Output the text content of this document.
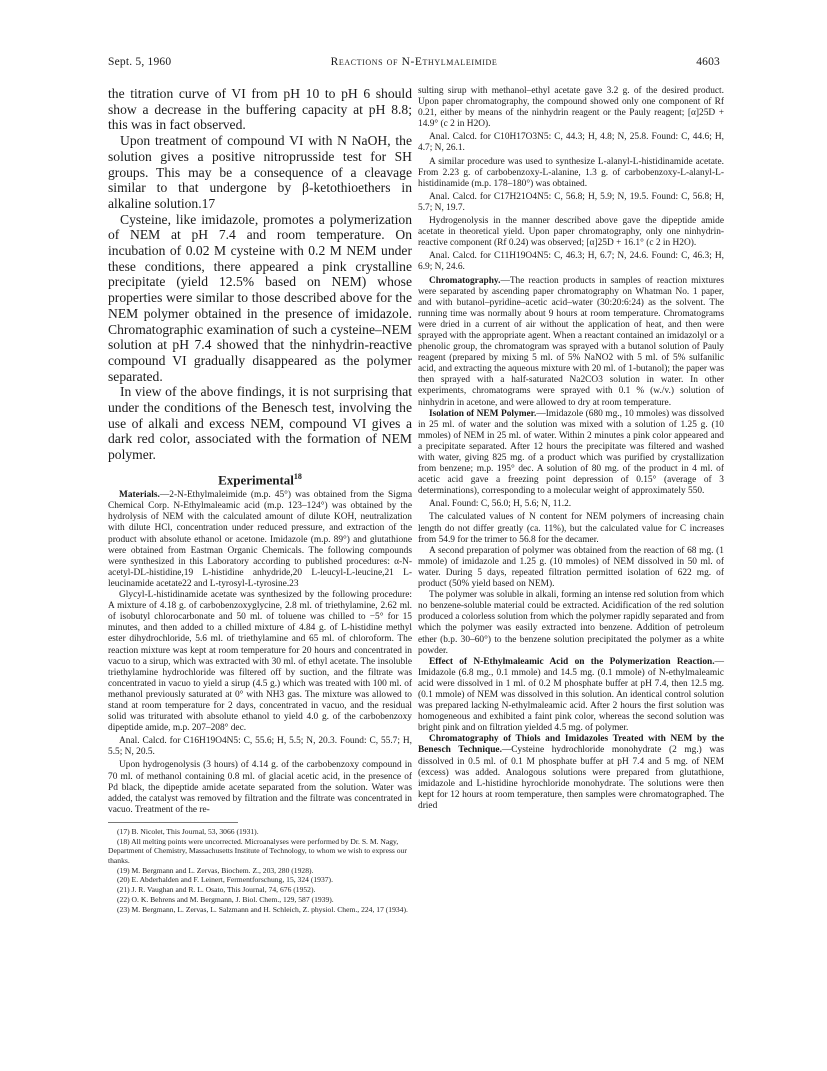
Sept. 5, 1960	Reactions of N-Ethylmaleimide	4603

the titration curve of VI from pH 10 to pH 6 should show a decrease in the buffering capacity at pH 8.8; this was in fact observed.

Upon treatment of compound VI with N NaOH, the solution gives a positive nitroprusside test for SH groups. This may be a consequence of a cleavage similar to that undergone by β-ketothioethers in alkaline solution.17

Cysteine, like imidazole, promotes a polymerization of NEM at pH 7.4 and room temperature. On incubation of 0.02 M cysteine with 0.2 M NEM under these conditions, there appeared a pink crystalline precipitate (yield 12.5% based on NEM) whose properties were similar to those described above for the NEM polymer obtained in the presence of imidazole. Chromatographic examination of such a cysteine–NEM solution at pH 7.4 showed that the ninhydrin-reactive compound VI gradually disappeared as the polymer separated.

In view of the above findings, it is not surprising that under the conditions of the Benesch test, involving the use of alkali and excess NEM, compound VI gives a dark red color, associated with the formation of NEM polymer.

Experimental$^{18}$

Materials.—2-N-Ethylmaleimide (m.p. 45°) was obtained from the Sigma Chemical Corp. N-Ethylmaleamic acid (m.p. 123–124°) was obtained by the hydrolysis of NEM with the calculated amount of dilute KOH, neutralization with dilute HCl, concentration under reduced pressure, and extraction of the product with absolute ethanol or acetone. Imidazole (m.p. 89°) and glutathione were obtained from Eastman Organic Chemicals. The following compounds were synthesized in this Laboratory according to published procedures: α-N-acetyl-DL-histidine,19 L-histidine anhydride,20 L-leucyl-L-leucine,21 L-leucinamide acetate22 and L-tyrosyl-L-tyrosine.23

Glycyl-L-histidinamide acetate was synthesized by the following procedure: A mixture of 4.18 g. of carbobenzoxyglycine, 2.8 ml. of triethylamine, 2.62 ml. of isobutyl chlorocarbonate and 50 ml. of toluene was chilled to −5° for 15 minutes, and then added to a chilled mixture of 4.84 g. of L-histidine methyl ester dihydrochloride, 5.6 ml. of triethylamine and 65 ml. of chloroform. The reaction mixture was kept at room temperature for 20 hours and concentrated in vacuo to a sirup, which was extracted with 30 ml. of ethyl acetate. The insoluble triethylamine hydrochloride was filtered off by suction, and the filtrate was concentrated in vacuo to yield a sirup (4.5 g.) which was treated with 100 ml. of methanol previously saturated at 0° with NH3 gas. The mixture was allowed to stand at room temperature for 2 days, concentrated in vacuo, and the residual solid was triturated with absolute ethanol to yield 4.0 g. of the carbobenzoxy dipeptide amide, m.p. 207–208° dec.

Anal. Calcd. for C16H19O4N5: C, 55.6; H, 5.5; N, 20.3. Found: C, 55.7; H, 5.5; N, 20.5.

Upon hydrogenolysis (3 hours) of 4.14 g. of the carbobenzoxy compound in 70 ml. of methanol containing 0.8 ml. of glacial acetic acid, in the presence of Pd black, the dipeptide amide acetate separated from the solution. Water was added, the catalyst was removed by filtration and the filtrate was concentrated in vacuo. Treatment of the re-

(17) B. Nicolet, This Journal, 53, 3066 (1931).

(18) All melting points were uncorrected. Microanalyses were performed by Dr. S. M. Nagy, Department of Chemistry, Massachusetts Institute of Technology, to whom we wish to express our thanks.

(19) M. Bergmann and L. Zervas, Biochem. Z., 203, 280 (1928).

(20) E. Abderhalden and F. Leinert, Fermentforschung, 15, 324 (1937).

(21) J. R. Vaughan and R. L. Osato, This Journal, 74, 676 (1952).

(22) O. K. Behrens and M. Bergmann, J. Biol. Chem., 129, 587 (1939).

(23) M. Bergmann, L. Zervas, L. Salzmann and H. Schleich, Z. physiol. Chem., 224, 17 (1934).

sulting sirup with methanol–ethyl acetate gave 3.2 g. of the desired product. Upon paper chromatography, the compound showed only one component of Rf 0.21, either by means of the ninhydrin reagent or the Pauly reagent; [α]25D + 14.9° (c 2 in H2O).

Anal. Calcd. for C10H17O3N5: C, 44.3; H, 4.8; N, 25.8. Found: C, 44.6; H, 4.7; N, 26.1.

A similar procedure was used to synthesize L-alanyl-L-histidinamide acetate. From 2.23 g. of carbobenzoxy-L-alanine, 1.3 g. of carbobenzoxy-L-alanyl-L-histidinamide (m.p. 178–180°) was obtained.

Anal. Calcd. for C17H21O4N5: C, 56.8; H, 5.9; N, 19.5. Found: C, 56.8; H, 5.7; N, 19.7.

Hydrogenolysis in the manner described above gave the dipeptide amide acetate in theoretical yield. Upon paper chromatography, only one ninhydrin-reactive component (Rf 0.24) was observed; [α]25D + 16.1° (c 2 in H2O).

Anal. Calcd. for C11H19O4N5: C, 46.3; H, 6.7; N, 24.6. Found: C, 46.3; H, 6.9; N, 24.6.

Chromatography.—The reaction products in samples of reaction mixtures were separated by ascending paper chromatography on Whatman No. 1 paper, and with butanol–pyridine–acetic acid–water (30:20:6:24) as the solvent. The running time was normally about 9 hours at room temperature. Chromatograms were dried in a current of air without the application of heat, and then were sprayed with the appropriate agent. When a reactant contained an imidazolyl or a phenolic group, the chromatogram was sprayed with a butanol solution of Pauly reagent (prepared by mixing 5 ml. of 5% NaNO2 with 5 ml. of 5% sulfanilic acid, and extracting the aqueous mixture with 20 ml. of 1-butanol); the paper was then sprayed with a half-saturated Na2CO3 solution in water. In other experiments, chromatograms were sprayed with 0.1 % (w./v.) solution of ninhydrin in acetone, and were allowed to dry at room temperature.

Isolation of NEM Polymer.—Imidazole (680 mg., 10 mmoles) was dissolved in 25 ml. of water and the solution was mixed with a solution of 1.25 g. (10 mmoles) of NEM in 25 ml. of water. Within 2 minutes a pink color appeared and a precipitate separated. After 12 hours the precipitate was filtered and washed with water, giving 825 mg. of a product which was purified by crystallization from benzene; m.p. 195° dec. A solution of 80 mg. of the product in 4 ml. of acetic acid gave a freezing point depression of 0.15° (average of 3 determinations), corresponding to a molecular weight of approximately 550.

Anal. Found: C, 56.0; H, 5.6; N, 11.2.

The calculated values of N content for NEM polymers of increasing chain length do not differ greatly (ca. 11%), but the calculated value for C increases from 54.9 for the trimer to 56.8 for the decamer.

A second preparation of polymer was obtained from the reaction of 68 mg. (1 mmole) of imidazole and 1.25 g. (10 mmoles) of NEM dissolved in 50 ml. of water. During 5 days, repeated filtration permitted isolation of 622 mg. of product (50% yield based on NEM).

The polymer was soluble in alkali, forming an intense red solution from which no benzene-soluble material could be extracted. Acidification of the red solution produced a colorless solution from which the polymer rapidly separated and from which the polymer was easily extracted into benzene. Addition of petroleum ether (b.p. 30–60°) to the benzene solution precipitated the polymer as a white powder.

Effect of N-Ethylmaleamic Acid on the Polymerization Reaction.—Imidazole (6.8 mg., 0.1 mmole) and 14.5 mg. (0.1 mmole) of N-ethylmaleamic acid were dissolved in 1 ml. of 0.2 M phosphate buffer at pH 7.4, then 12.5 mg. (0.1 mmole) of NEM was dissolved in this solution. An identical control solution was prepared lacking N-ethylmaleamic acid. After 2 hours the first solution was homogeneous and exhibited a faint pink color, whereas the second solution was bright pink and on filtration yielded 4.5 mg. of polymer.

Chromatography of Thiols and Imidazoles Treated with NEM by the Benesch Technique.—Cysteine hydrochloride monohydrate (2 mg.) was dissolved in 0.5 ml. of 0.1 M phosphate buffer at pH 7.4 and 5 mg. of NEM (excess) was added. Analogous solutions were prepared from glutathione, imidazole and L-histidine hyrochloride monohydrate. The solutions were then kept for 12 hours at room temperature, then samples were chromatographed. The dried
